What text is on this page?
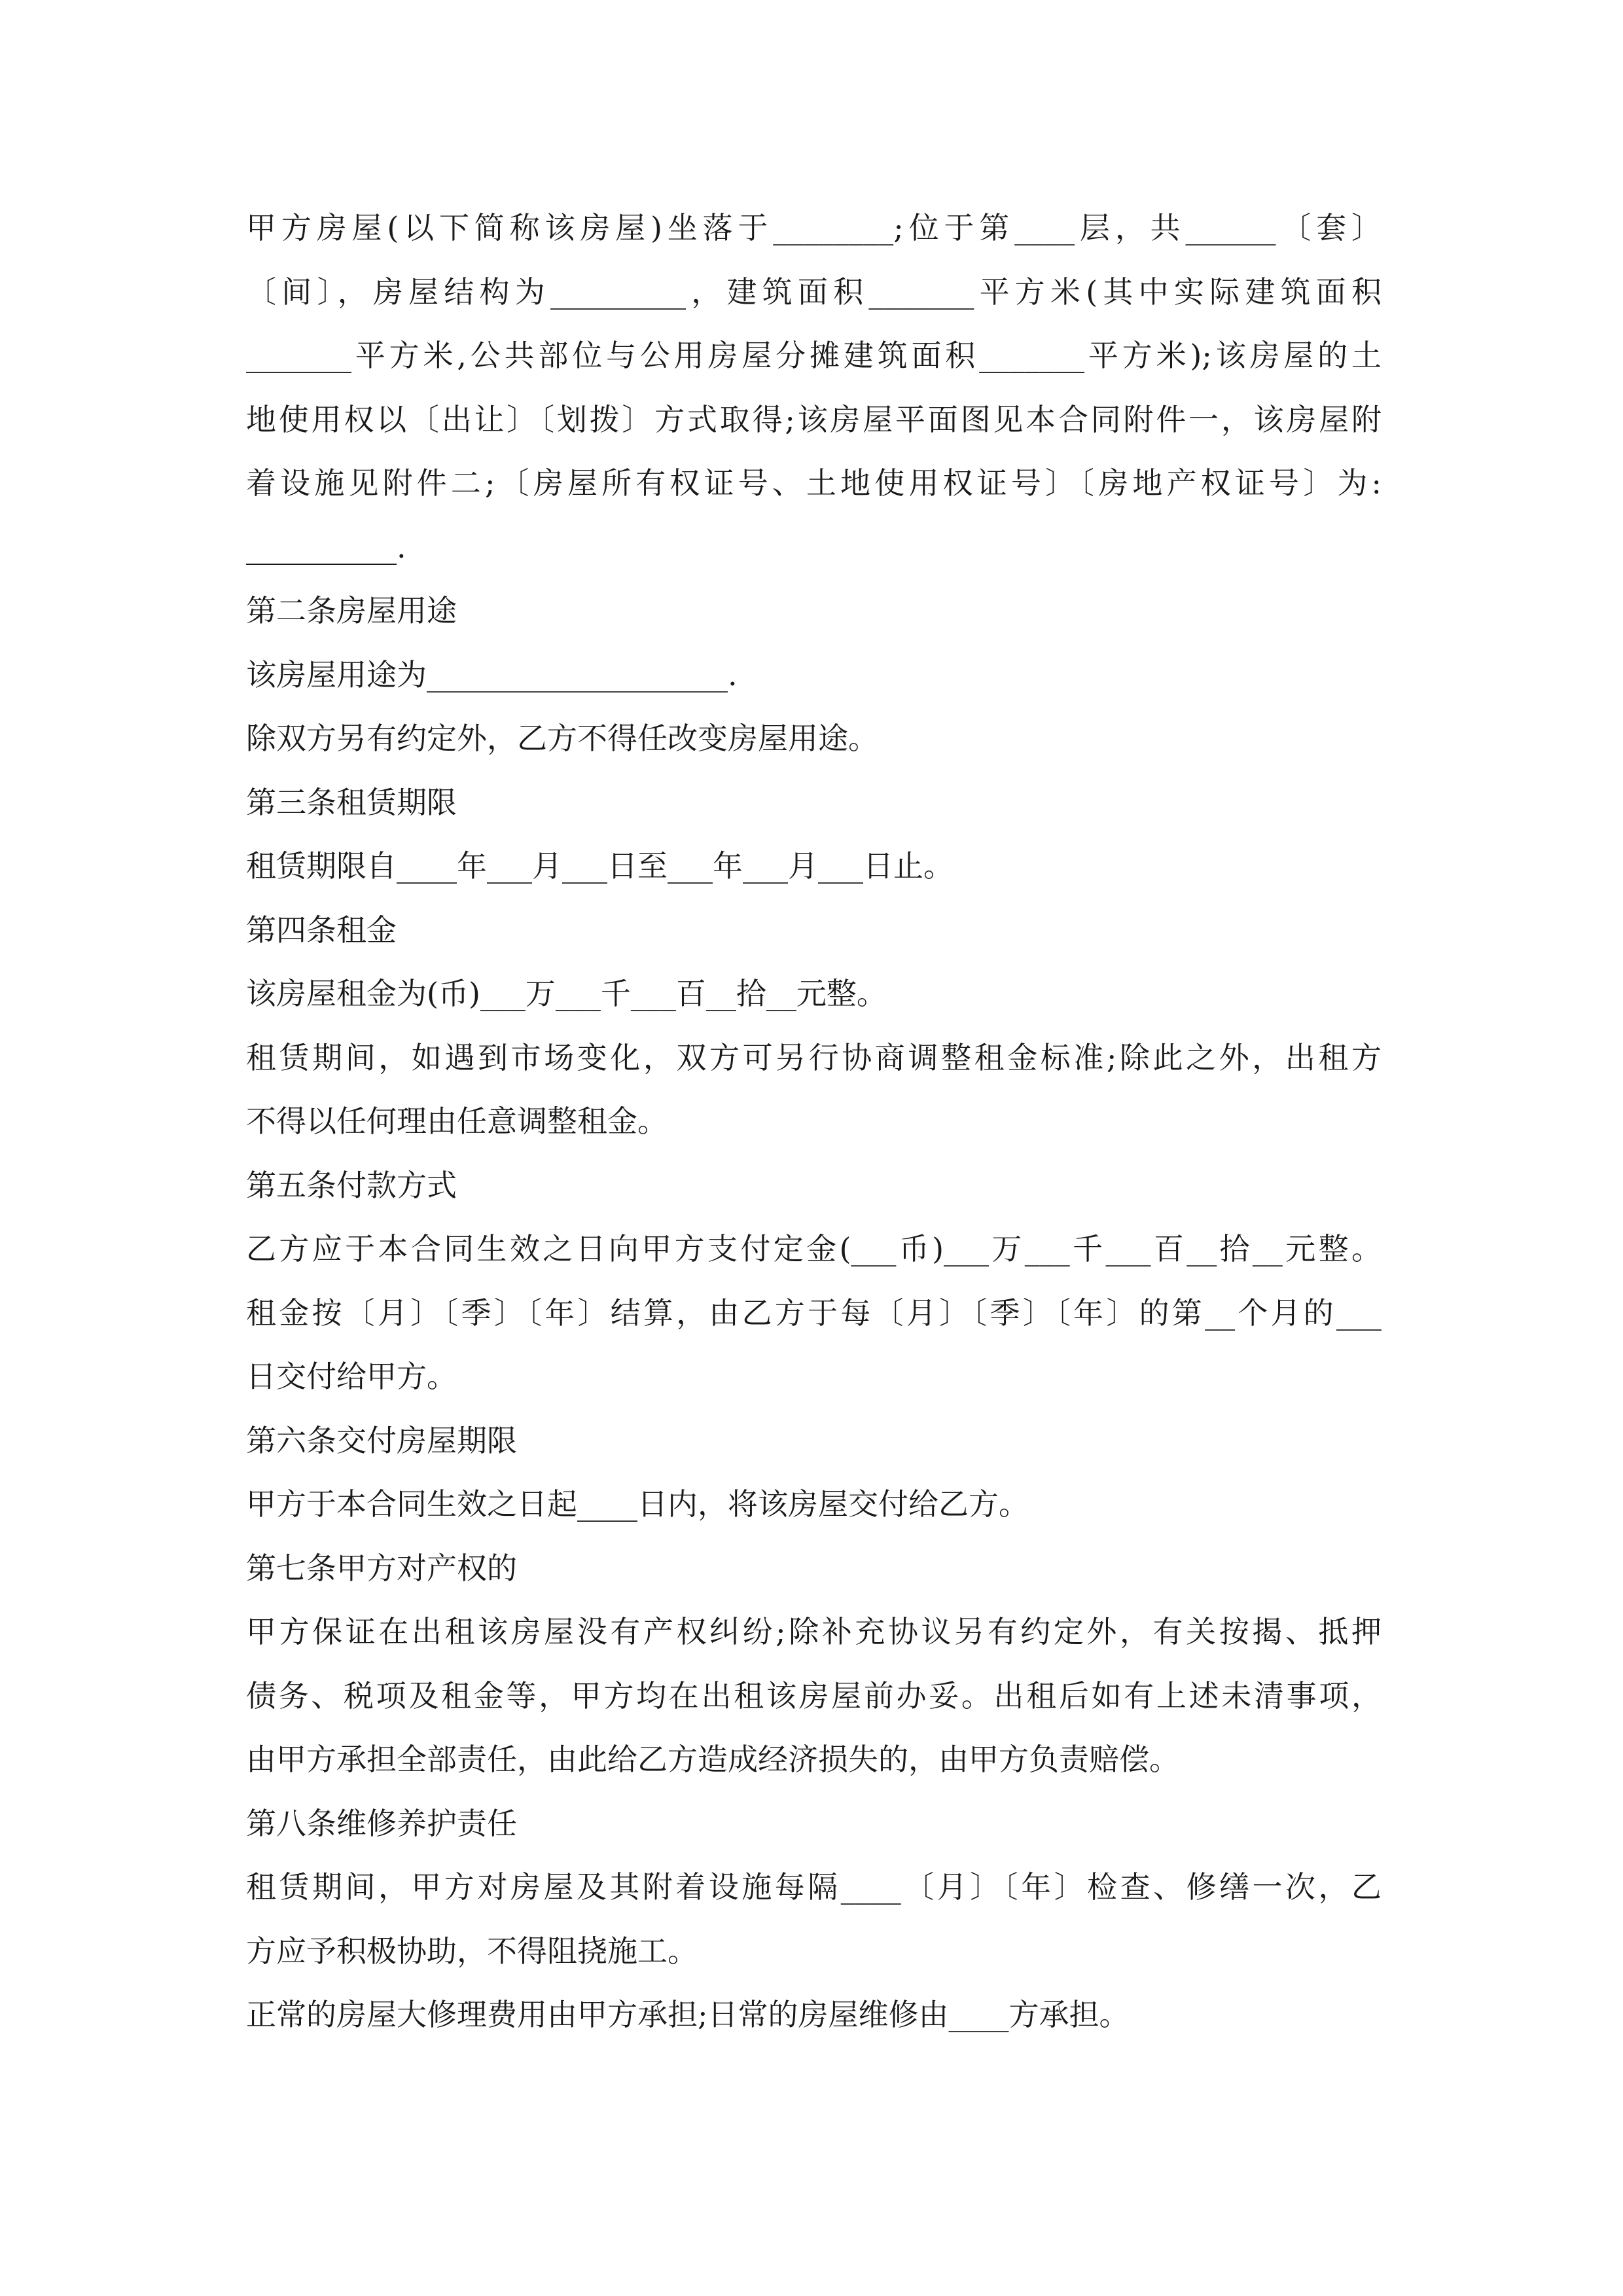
甲方房屋(以下简称该房屋)坐落于________;位于第____层，共______〔套〕
〔间〕，房屋结构为_________，建筑面积_______平方米(其中实际建筑面积
_______平方米,公共部位与公用房屋分摊建筑面积_______平方米);该房屋的土
地使用权以〔出让〕〔划拨〕方式取得;该房屋平面图见本合同附件一，该房屋附
着设施见附件二;〔房屋所有权证号、土地使用权证号〕〔房地产权证号〕为:
__________.
第二条房屋用途
该房屋用途为____________________.
除双方另有约定外，乙方不得任改变房屋用途。
第三条租赁期限
租赁期限自____年___月___日至___年___月___日止。
第四条租金
该房屋租金为(币)___万___千___百__拾__元整。
租赁期间，如遇到市场变化，双方可另行协商调整租金标准;除此之外，出租方
不得以任何理由任意调整租金。
第五条付款方式
乙方应于本合同生效之日向甲方支付定金(___币)___万___千___百__拾__元整。
租金按〔月〕〔季〕〔年〕结算，由乙方于每〔月〕〔季〕〔年〕的第__个月的___
日交付给甲方。
第六条交付房屋期限
甲方于本合同生效之日起____日内，将该房屋交付给乙方。
第七条甲方对产权的
甲方保证在出租该房屋没有产权纠纷;除补充协议另有约定外，有关按揭、抵押
债务、税项及租金等，甲方均在出租该房屋前办妥。出租后如有上述未清事项，
由甲方承担全部责任，由此给乙方造成经济损失的，由甲方负责赔偿。
第八条维修养护责任
租赁期间，甲方对房屋及其附着设施每隔____〔月〕〔年〕检查、修缮一次，乙
方应予积极协助，不得阻挠施工。
正常的房屋大修理费用由甲方承担;日常的房屋维修由____方承担。
